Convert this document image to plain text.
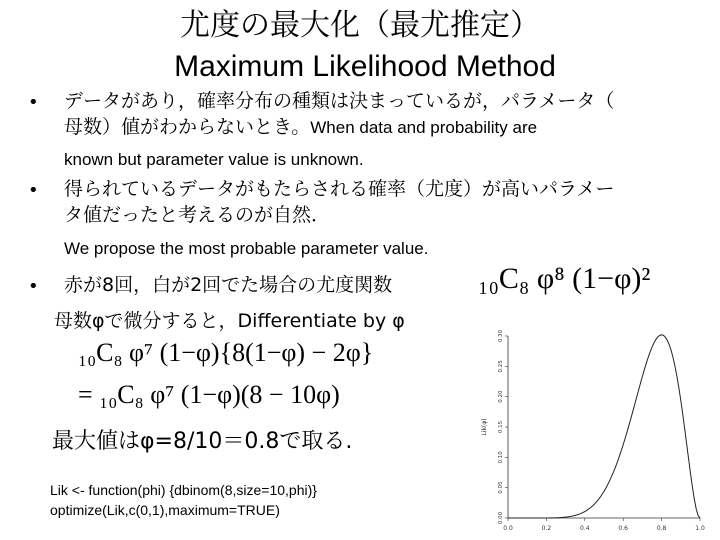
尤度の最大化（最尤推定）
Maximum Likelihood Method
• データがあり，確率分布の種類は決まっているが，パラメータ（
母数）値がわからないとき。When data and probability are
known but parameter value is unknown.
• 得られているデータがもたらされる確率（尤度）が高いパラメー
タ値だったと考えるのが自然．
We propose the most probable parameter value.
• 赤が8回，白が2回でた場合の尤度関数
母数φで微分すると，Differentiate by φ
₁₀C₈ φ⁸ (1−φ)²
₁₀C₈ φ⁷ (1−φ){8(1−φ) − 2φ}
= ₁₀C₈ φ⁷ (1−φ)(8 − 10φ)
最大値はφ=8/10＝0.8で取る.
Lik <- function(phi) {dbinom(8,size=10,phi)}
optimize(Lik,c(0,1),maximum=TRUE)
0.0	0.2	0.4	0.6	0.8	1.0
0.00
0.05
0.10
0.15
0.20
0.25
0.30
Lik(φ)
